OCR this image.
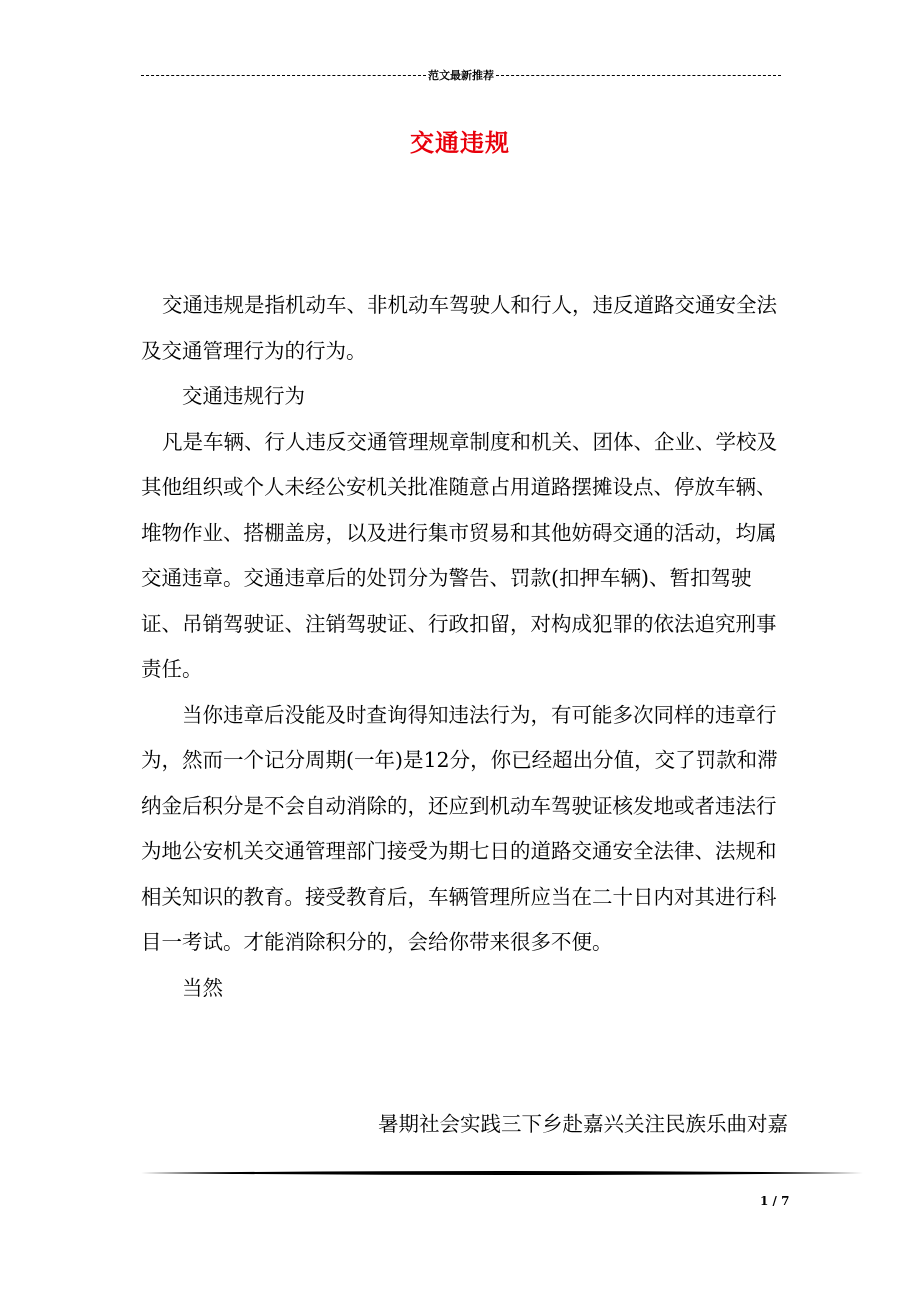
范文最新推荐
交通违规

交通违规是指机动车、非机动车驾驶人和行人，违反道路交通安全法及交通管理行为的行为。

交通违规行为

凡是车辆、行人违反交通管理规章制度和机关、团体、企业、学校及其他组织或个人未经公安机关批准随意占用道路摆摊设点、停放车辆、堆物作业、搭棚盖房，以及进行集市贸易和其他妨碍交通的活动，均属交通违章。交通违章后的处罚分为警告、罚款(扣押车辆)、暂扣驾驶证、吊销驾驶证、注销驾驶证、行政扣留，对构成犯罪的依法追究刑事责任。

当你违章后没能及时查询得知违法行为，有可能多次同样的违章行为，然而一个记分周期(一年)是12分，你已经超出分值，交了罚款和滞纳金后积分是不会自动消除的，还应到机动车驾驶证核发地或者违法行为地公安机关交通管理部门接受为期七日的道路交通安全法律、法规和相关知识的教育。接受教育后，车辆管理所应当在二十日内对其进行科目一考试。才能消除积分的，会给你带来很多不便。

当然

暑期社会实践三下乡赴嘉兴关注民族乐曲对嘉
1 / 7
